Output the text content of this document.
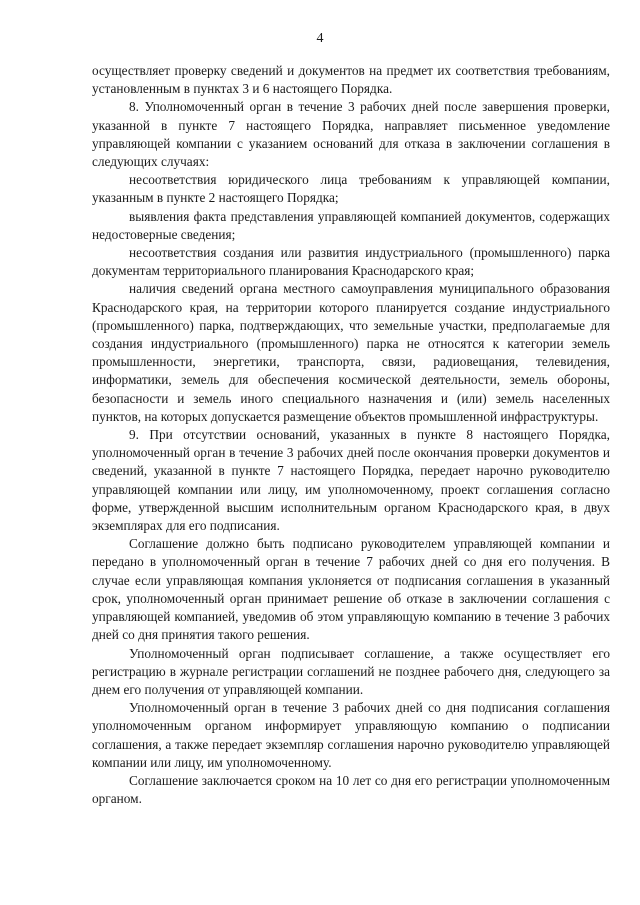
4

осуществляет проверку сведений и документов на предмет их соответствия требованиям, установленным в пунктах 3 и 6 настоящего Порядка.

8. Уполномоченный орган в течение 3 рабочих дней после завершения проверки, указанной в пункте 7 настоящего Порядка, направляет письменное уведомление управляющей компании с указанием оснований для отказа в заключении соглашения в следующих случаях:

несоответствия юридического лица требованиям к управляющей компании, указанным в пункте 2 настоящего Порядка;

выявления факта представления управляющей компанией документов, содержащих недостоверные сведения;

несоответствия создания или развития индустриального (промышленного) парка документам территориального планирования Краснодарского края;

наличия сведений органа местного самоуправления муниципального образования Краснодарского края, на территории которого планируется создание индустриального (промышленного) парка, подтверждающих, что земельные участки, предполагаемые для создания индустриального (промышленного) парка не относятся к категории земель промышленности, энергетики, транспорта, связи, радиовещания, телевидения, информатики, земель для обеспечения космической деятельности, земель обороны, безопасности и земель иного специального назначения и (или) земель населенных пунктов, на которых допускается размещение объектов промышленной инфраструктуры.

9. При отсутствии оснований, указанных в пункте 8 настоящего Порядка, уполномоченный орган в течение 3 рабочих дней после окончания проверки документов и сведений, указанной в пункте 7 настоящего Порядка, передает нарочно руководителю управляющей компании или лицу, им уполномоченному, проект соглашения согласно форме, утвержденной высшим исполнительным органом Краснодарского края, в двух экземплярах для его подписания.

Соглашение должно быть подписано руководителем управляющей компании и передано в уполномоченный орган в течение 7 рабочих дней со дня его получения. В случае если управляющая компания уклоняется от подписания соглашения в указанный срок, уполномоченный орган принимает решение об отказе в заключении соглашения с управляющей компанией, уведомив об этом управляющую компанию в течение 3 рабочих дней со дня принятия такого решения.

Уполномоченный орган подписывает соглашение, а также осуществляет его регистрацию в журнале регистрации соглашений не позднее рабочего дня, следующего за днем его получения от управляющей компании.

Уполномоченный орган в течение 3 рабочих дней со дня подписания соглашения уполномоченным органом информирует управляющую компанию о подписании соглашения, а также передает экземпляр соглашения нарочно руководителю управляющей компании или лицу, им уполномоченному.

Соглашение заключается сроком на 10 лет со дня его регистрации уполномоченным органом.
